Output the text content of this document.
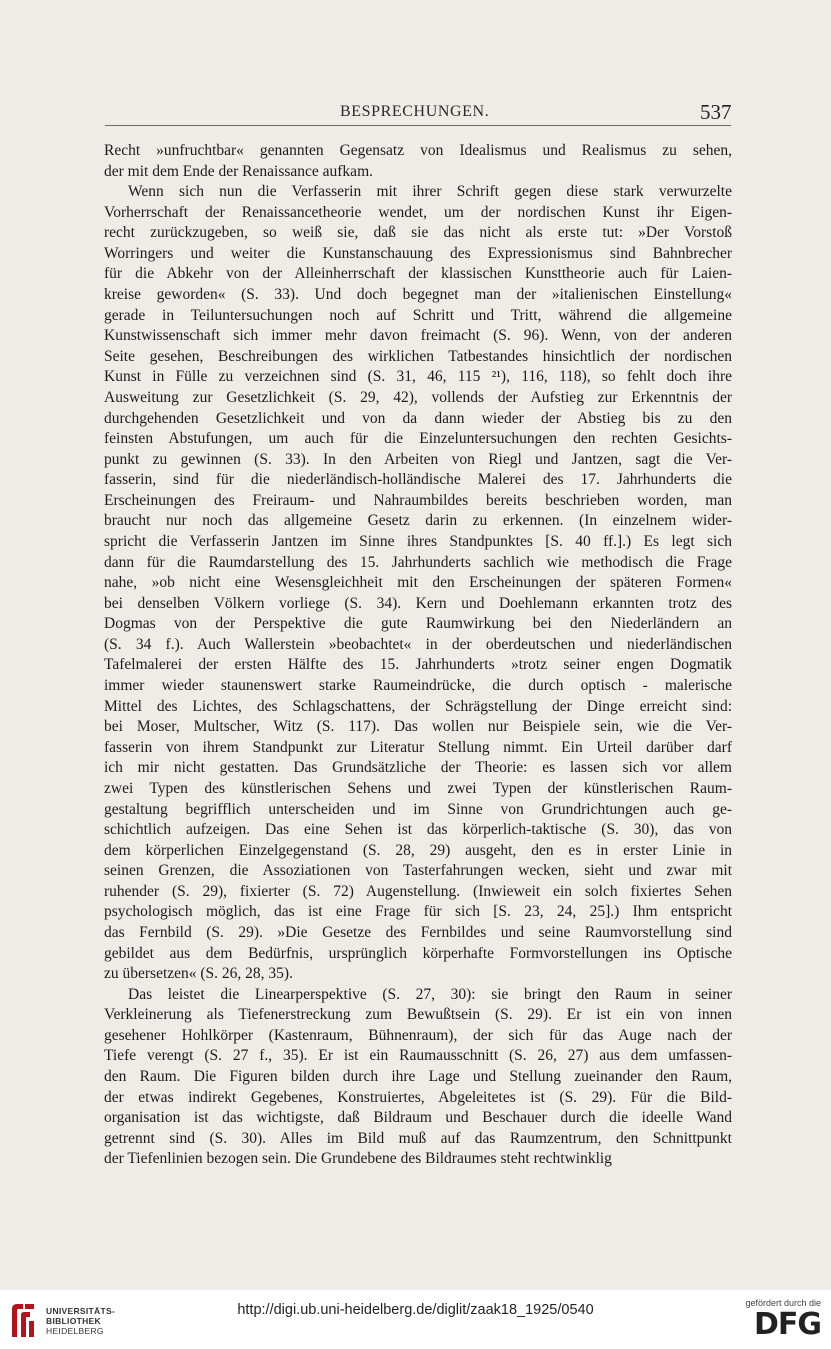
BESPRECHUNGEN.	537

Recht »unfruchtbar« genannten Gegensatz von Idealismus und Realismus zu sehen,
der mit dem Ende der Renaissance aufkam.

Wenn sich nun die Verfasserin mit ihrer Schrift gegen diese stark verwurzelte
Vorherrschaft der Renaissancetheorie wendet, um der nordischen Kunst ihr Eigen-
recht zurückzugeben, so weiß sie, daß sie das nicht als erste tut: »Der Vorstoß
Worringers und weiter die Kunstanschauung des Expressionismus sind Bahnbrecher
für die Abkehr von der Alleinherrschaft der klassischen Kunsttheorie auch für Laien-
kreise geworden« (S. 33). Und doch begegnet man der »italienischen Einstellung«
gerade in Teiluntersuchungen noch auf Schritt und Tritt, während die allgemeine
Kunstwissenschaft sich immer mehr davon freimacht (S. 96). Wenn, von der anderen
Seite gesehen, Beschreibungen des wirklichen Tatbestandes hinsichtlich der nordischen
Kunst in Fülle zu verzeichnen sind (S. 31, 46, 115 ²¹), 116, 118), so fehlt doch ihre
Ausweitung zur Gesetzlichkeit (S. 29, 42), vollends der Aufstieg zur Erkenntnis der
durchgehenden Gesetzlichkeit und von da dann wieder der Abstieg bis zu den
feinsten Abstufungen, um auch für die Einzeluntersuchungen den rechten Gesichts-
punkt zu gewinnen (S. 33). In den Arbeiten von Riegl und Jantzen, sagt die Ver-
fasserin, sind für die niederländisch-holländische Malerei des 17. Jahrhunderts die
Erscheinungen des Freiraum- und Nahraumbildes bereits beschrieben worden, man
braucht nur noch das allgemeine Gesetz darin zu erkennen. (In einzelnem wider-
spricht die Verfasserin Jantzen im Sinne ihres Standpunktes [S. 40 ff.].) Es legt sich
dann für die Raumdarstellung des 15. Jahrhunderts sachlich wie methodisch die Frage
nahe, »ob nicht eine Wesensgleichheit mit den Erscheinungen der späteren Formen«
bei denselben Völkern vorliege (S. 34). Kern und Doehlemann erkannten trotz des
Dogmas von der Perspektive die gute Raumwirkung bei den Niederländern an
(S. 34 f.). Auch Wallerstein »beobachtet« in der oberdeutschen und niederländischen
Tafelmalerei der ersten Hälfte des 15. Jahrhunderts »trotz seiner engen Dogmatik
immer wieder staunenswert starke Raumeindrücke, die durch optisch - malerische
Mittel des Lichtes, des Schlagschattens, der Schrägstellung der Dinge erreicht sind:
bei Moser, Multscher, Witz (S. 117). Das wollen nur Beispiele sein, wie die Ver-
fasserin von ihrem Standpunkt zur Literatur Stellung nimmt. Ein Urteil darüber darf
ich mir nicht gestatten. Das Grundsätzliche der Theorie: es lassen sich vor allem
zwei Typen des künstlerischen Sehens und zwei Typen der künstlerischen Raum-
gestaltung begrifflich unterscheiden und im Sinne von Grundrichtungen auch ge-
schichtlich aufzeigen. Das eine Sehen ist das körperlich-taktische (S. 30), das von
dem körperlichen Einzelgegenstand (S. 28, 29) ausgeht, den es in erster Linie in
seinen Grenzen, die Assoziationen von Tasterfahrungen wecken, sieht und zwar mit
ruhender (S. 29), fixierter (S. 72) Augenstellung. (Inwieweit ein solch fixiertes Sehen
psychologisch möglich, das ist eine Frage für sich [S. 23, 24, 25].) Ihm entspricht
das Fernbild (S. 29). »Die Gesetze des Fernbildes und seine Raumvorstellung sind
gebildet aus dem Bedürfnis, ursprünglich körperhafte Formvorstellungen ins Optische
zu übersetzen« (S. 26, 28, 35).

Das leistet die Linearperspektive (S. 27, 30): sie bringt den Raum in seiner
Verkleinerung als Tiefenerstreckung zum Bewußtsein (S. 29). Er ist ein von innen
gesehener Hohlkörper (Kastenraum, Bühnenraum), der sich für das Auge nach der
Tiefe verengt (S. 27 f., 35). Er ist ein Raumausschnitt (S. 26, 27) aus dem umfassen-
den Raum. Die Figuren bilden durch ihre Lage und Stellung zueinander den Raum,
der etwas indirekt Gegebenes, Konstruiertes, Abgeleitetes ist (S. 29). Für die Bild-
organisation ist das wichtigste, daß Bildraum und Beschauer durch die ideelle Wand
getrennt sind (S. 30). Alles im Bild muß auf das Raumzentrum, den Schnittpunkt
der Tiefenlinien bezogen sein. Die Grundebene des Bildraumes steht rechtwinklig

UNIVERSITÄTS-
BIBLIOTHEK
HEIDELBERG
http://digi.ub.uni-heidelberg.de/diglit/zaak18_1925/0540	gefördert durch die
DFG
